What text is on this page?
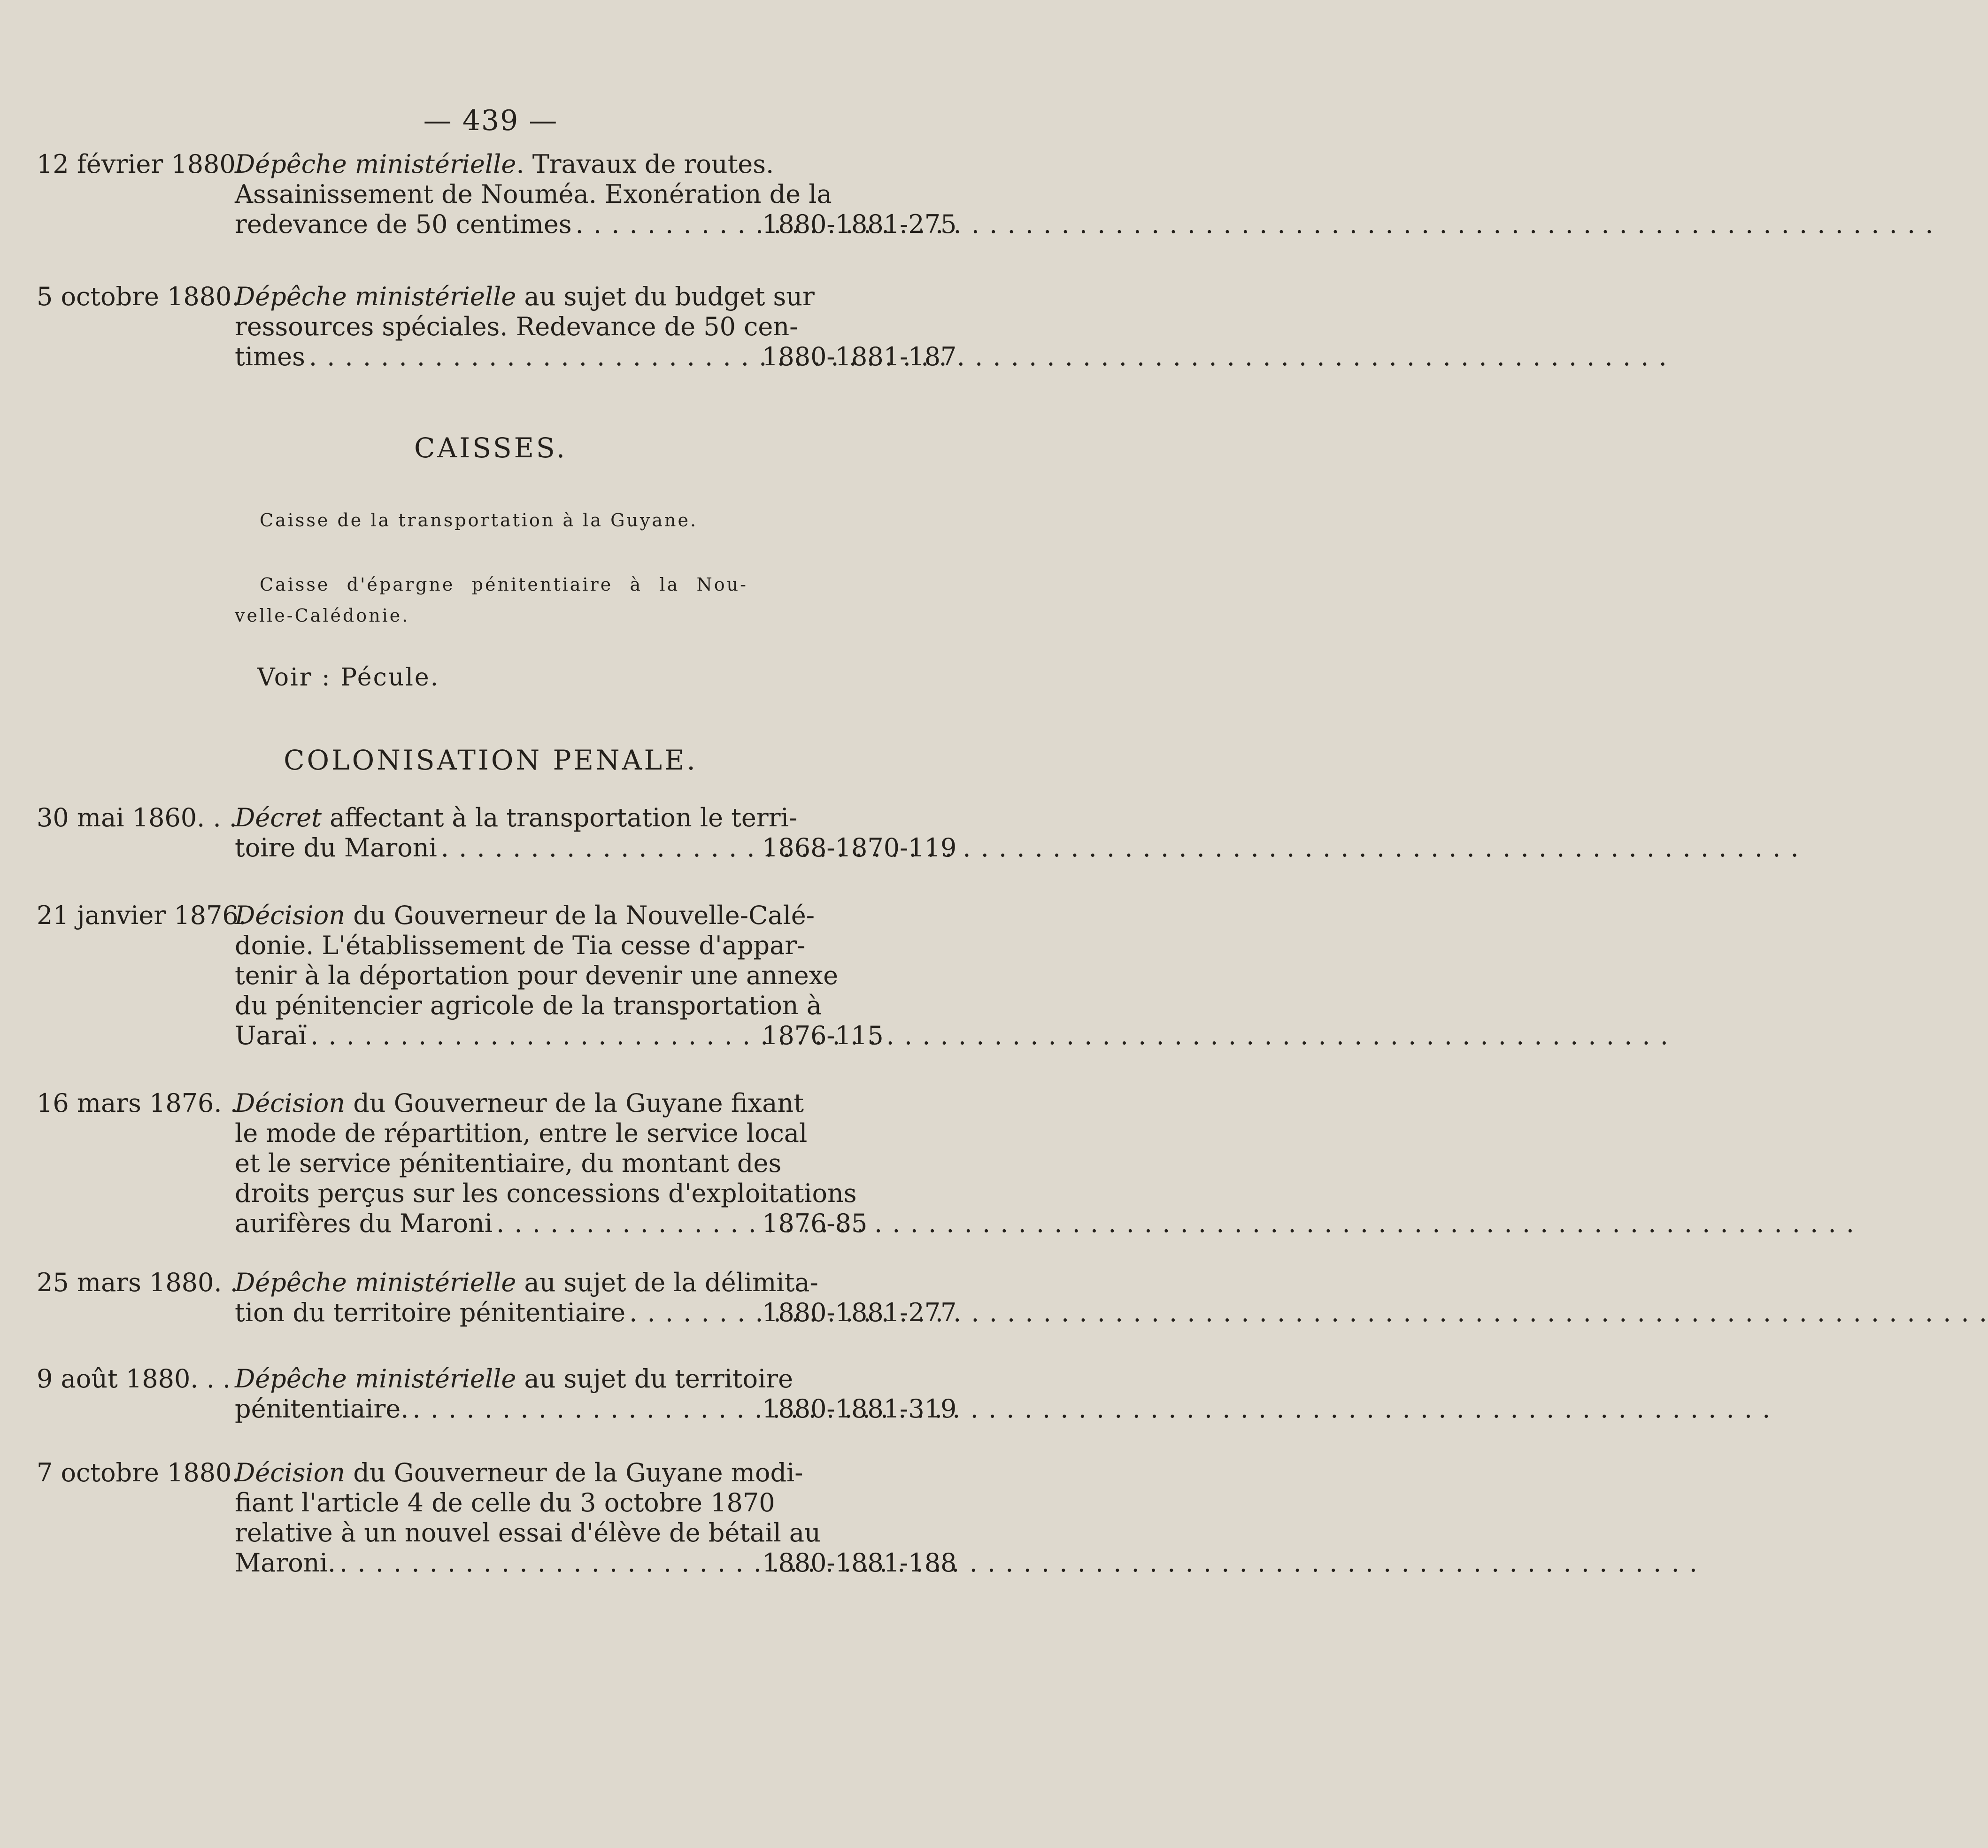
— 439 —
12 février 1880.
Dépêche ministérielle. Travaux de routes.
Assainissement de Nouméa. Exonération de la
redevance de 50 centimes . . .	1880-1881-275
5 octobre 1880.
Dépêche ministérielle au sujet du budget sur
ressources spéciales. Redevance de 50 cen-
times . . .	1880-1881-187
CAISSES.
Caisse de la transportation à la Guyane.
Caisse d'épargne pénitentiaire à la Nou-
velle-Calédonie.
Voir : Pécule.
COLONISATION PENALE.
30 mai 1860. . .
Décret affectant à la transportation le terri-
toire du Maroni . . .	1868-1870-119
21 janvier 1876.
Décision du Gouverneur de la Nouvelle-Calé-
donie. L'établissement de Tia cesse d'appar-
tenir à la déportation pour devenir une annexe
du pénitencier agricole de la transportation à
Uaraï . . .	1876-115
16 mars 1876. .
Décision du Gouverneur de la Guyane fixant
le mode de répartition, entre le service local
et le service pénitentiaire, du montant des
droits perçus sur les concessions d'exploitations
aurifères du Maroni . . .	1876-85
25 mars 1880. .
Dépêche ministérielle au sujet de la délimita-
tion du territoire pénitentiaire . . .	1880-1881-277
9 août 1880. . . Dépêche ministérielle au sujet du territoire
pénitentiaire. . . .	1880-1881-319
7 octobre 1880.
Décision du Gouverneur de la Guyane modi-
fiant l'article 4 de celle du 3 octobre 1870
relative à un nouvel essai d'élève de bétail au
Maroni. . . .	1880-1881-188
